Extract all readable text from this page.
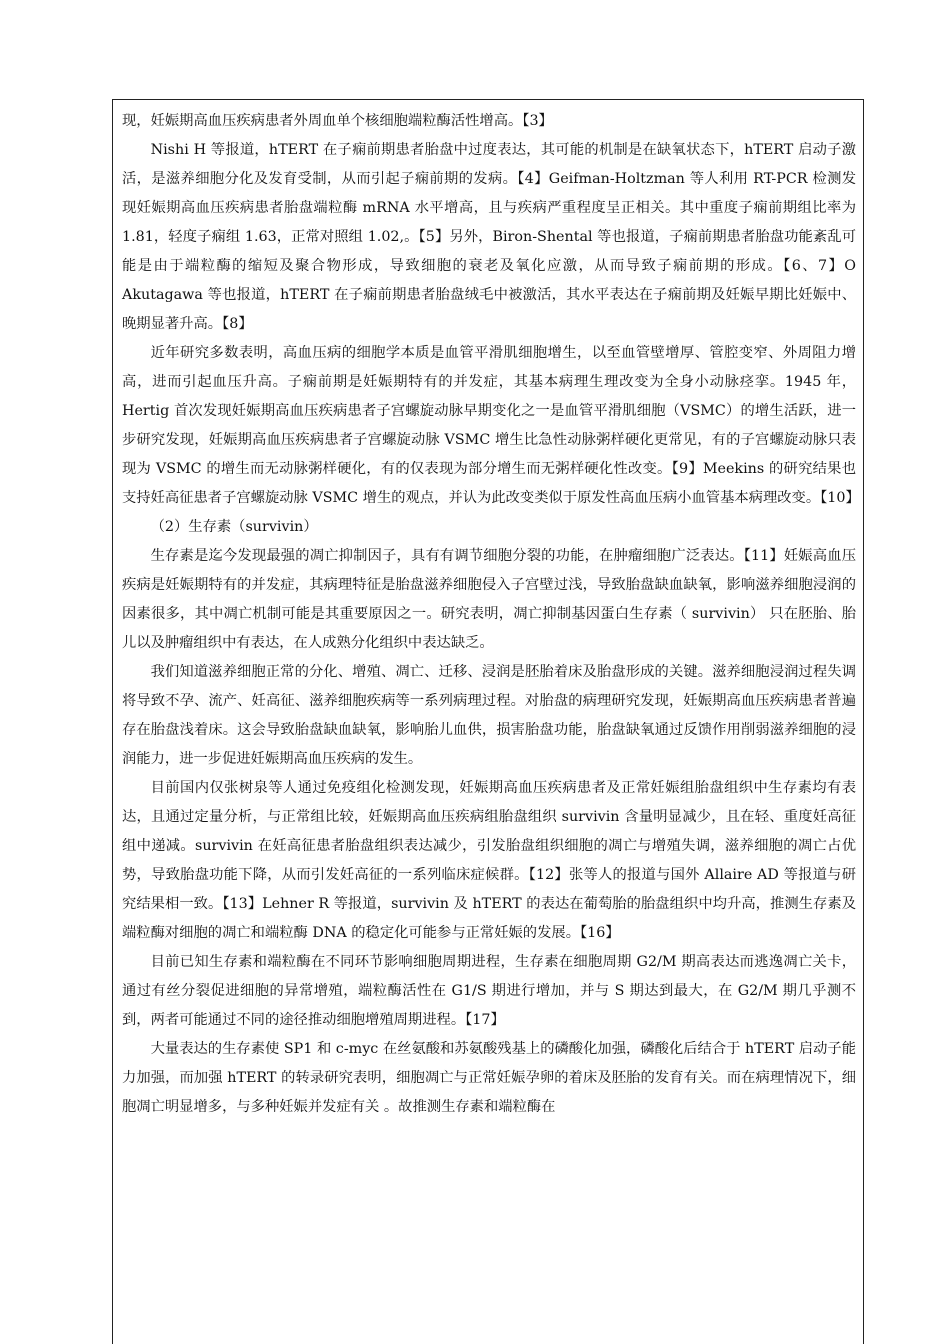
现，妊娠期高血压疾病患者外周血单个核细胞端粒酶活性增高。【3】

Nishi H 等报道，hTERT 在子痫前期患者胎盘中过度表达，其可能的机制是在缺氧状态下，hTERT 启动子激活，是滋养细胞分化及发育受制，从而引起子痫前期的发病。【4】Geifman-Holtzman 等人利用 RT-PCR 检测发现妊娠期高血压疾病患者胎盘端粒酶 mRNA 水平增高，且与疾病严重程度呈正相关。其中重度子痫前期组比率为 1.81，轻度子痫组 1.63，正常对照组 1.02,。【5】另外，Biron-Shental 等也报道，子痫前期患者胎盘功能紊乱可能是由于端粒酶的缩短及聚合物形成，导致细胞的衰老及氧化应激，从而导致子痫前期的形成。【6、7】O Akutagawa 等也报道，hTERT 在子痫前期患者胎盘绒毛中被激活，其水平表达在子痫前期及妊娠早期比妊娠中、晚期显著升高。【8】

近年研究多数表明，高血压病的细胞学本质是血管平滑肌细胞增生，以至血管壁增厚、管腔变窄、外周阻力增高，进而引起血压升高。子痫前期是妊娠期特有的并发症，其基本病理生理改变为全身小动脉痉挛。1945 年，Hertig 首次发现妊娠期高血压疾病患者子宫螺旋动脉早期变化之一是血管平滑肌细胞（VSMC）的增生活跃，进一步研究发现，妊娠期高血压疾病患者子宫螺旋动脉 VSMC 增生比急性动脉粥样硬化更常见，有的子宫螺旋动脉只表现为 VSMC 的增生而无动脉粥样硬化，有的仅表现为部分增生而无粥样硬化性改变。【9】Meekins 的研究结果也支持妊高征患者子宫螺旋动脉 VSMC 增生的观点，并认为此改变类似于原发性高血压病小血管基本病理改变。【10】

（2）生存素（survivin）

生存素是迄今发现最强的凋亡抑制因子，具有有调节细胞分裂的功能，在肿瘤细胞广泛表达。【11】妊娠高血压疾病是妊娠期特有的并发症，其病理特征是胎盘滋养细胞侵入子宫壁过浅，导致胎盘缺血缺氧，影响滋养细胞浸润的因素很多，其中凋亡机制可能是其重要原因之一。研究表明，凋亡抑制基因蛋白生存素（ survivin） 只在胚胎、胎儿以及肿瘤组织中有表达，在人成熟分化组织中表达缺乏。

我们知道滋养细胞正常的分化、增殖、凋亡、迁移、浸润是胚胎着床及胎盘形成的关键。滋养细胞浸润过程失调将导致不孕、流产、妊高征、滋养细胞疾病等一系列病理过程。对胎盘的病理研究发现，妊娠期高血压疾病患者普遍存在胎盘浅着床。这会导致胎盘缺血缺氧，影响胎儿血供，损害胎盘功能，胎盘缺氧通过反馈作用削弱滋养细胞的浸润能力，进一步促进妊娠期高血压疾病的发生。

目前国内仅张树泉等人通过免疫组化检测发现，妊娠期高血压疾病患者及正常妊娠组胎盘组织中生存素均有表达，且通过定量分析，与正常组比较，妊娠期高血压疾病组胎盘组织 survivin 含量明显减少，且在轻、重度妊高征组中递减。survivin 在妊高征患者胎盘组织表达减少，引发胎盘组织细胞的凋亡与增殖失调，滋养细胞的凋亡占优势，导致胎盘功能下降，从而引发妊高征的一系列临床症候群。【12】张等人的报道与国外 Allaire AD 等报道与研究结果相一致。【13】Lehner R 等报道，survivin 及 hTERT 的表达在葡萄胎的胎盘组织中均升高，推测生存素及端粒酶对细胞的凋亡和端粒酶 DNA 的稳定化可能参与正常妊娠的发展。【16】

目前已知生存素和端粒酶在不同环节影响细胞周期进程，生存素在细胞周期 G2/M 期高表达而逃逸凋亡关卡，通过有丝分裂促进细胞的异常增殖，端粒酶活性在 G1/S 期进行增加，并与 S 期达到最大，在 G2/M 期几乎测不到，两者可能通过不同的途径推动细胞增殖周期进程。【17】

大量表达的生存素使 SP1 和 c-myc 在丝氨酸和苏氨酸残基上的磷酸化加强，磷酸化后结合于 hTERT 启动子能力加强，而加强 hTERT 的转录研究表明，细胞凋亡与正常妊娠孕卵的着床及胚胎的发育有关。而在病理情况下，细胞凋亡明显增多，与多种妊娠并发症有关 。故推测生存素和端粒酶在
